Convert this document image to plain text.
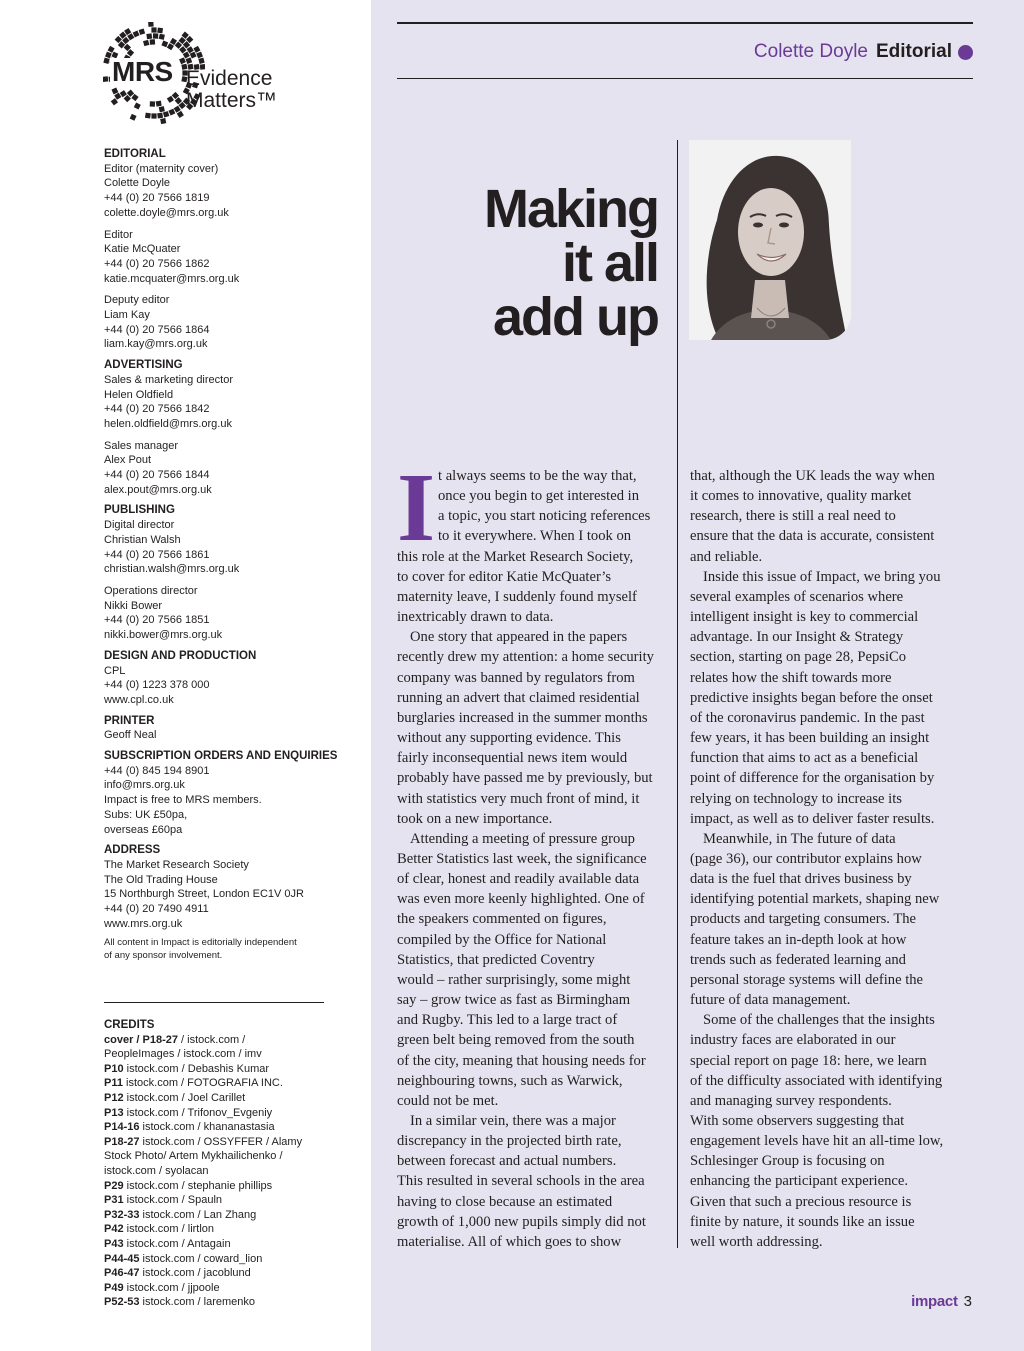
MRS Evidence
Matters™
EDITORIAL
Editor (maternity cover)
Colette Doyle
+44 (0) 20 7566 1819
colette.doyle@mrs.org.uk
Editor
Katie McQuater
+44 (0) 20 7566 1862
katie.mcquater@mrs.org.uk
Deputy editor
Liam Kay
+44 (0) 20 7566 1864
liam.kay@mrs.org.uk
ADVERTISING
Sales & marketing director
Helen Oldfield
+44 (0) 20 7566 1842
helen.oldfield@mrs.org.uk
Sales manager
Alex Pout
+44 (0) 20 7566 1844
alex.pout@mrs.org.uk
PUBLISHING
Digital director
Christian Walsh
+44 (0) 20 7566 1861
christian.walsh@mrs.org.uk
Operations director
Nikki Bower
+44 (0) 20 7566 1851
nikki.bower@mrs.org.uk
DESIGN AND PRODUCTION
CPL
+44 (0) 1223 378 000
www.cpl.co.uk
PRINTER
Geoff Neal
SUBSCRIPTION ORDERS AND ENQUIRIES
+44 (0) 845 194 8901
info@mrs.org.uk
Impact is free to MRS members.
Subs: UK £50pa,
overseas £60pa
ADDRESS
The Market Research Society
The Old Trading House
15 Northburgh Street, London EC1V 0JR
+44 (0) 20 7490 4911
www.mrs.org.uk
All content in Impact is editorially independent
of any sponsor involvement.
CREDITS
cover / P18-27 / istock.com /
PeopleImages / istock.com / imv
P10 istock.com / Debashis Kumar
P11 istock.com / FOTOGRAFIA INC.
P12 istock.com / Joel Carillet
P13 istock.com / Trifonov_Evgeniy
P14-16 istock.com / khananastasia
P18-27 istock.com / OSSYFFER / Alamy
Stock Photo/ Artem Mykhailichenko /
istock.com / syolacan
P29 istock.com / stephanie phillips
P31 istock.com / Spauln
P32-33 istock.com / Lan Zhang
P42 istock.com / lirtlon
P43 istock.com / Antagain
P44-45 istock.com / coward_lion
P46-47 istock.com / jacoblund
P49 istock.com / jjpoole
P52-53 istock.com / laremenko
Colette Doyle Editorial
Making
it all
add up
I t always seems to be the way that,
once you begin to get interested in
a topic, you start noticing references
to it everywhere. When I took on
this role at the Market Research Society,
to cover for editor Katie McQuater’s
maternity leave, I suddenly found myself
inextricably drawn to data.
One story that appeared in the papers
recently drew my attention: a home security
company was banned by regulators from
running an advert that claimed residential
burglaries increased in the summer months
without any supporting evidence. This
fairly inconsequential news item would
probably have passed me by previously, but
with statistics very much front of mind, it
took on a new importance.
Attending a meeting of pressure group
Better Statistics last week, the significance
of clear, honest and readily available data
was even more keenly highlighted. One of
the speakers commented on figures,
compiled by the Office for National
Statistics, that predicted Coventry
would – rather surprisingly, some might
say – grow twice as fast as Birmingham
and Rugby. This led to a large tract of
green belt being removed from the south
of the city, meaning that housing needs for
neighbouring towns, such as Warwick,
could not be met.
In a similar vein, there was a major
discrepancy in the projected birth rate,
between forecast and actual numbers.
This resulted in several schools in the area
having to close because an estimated
growth of 1,000 new pupils simply did not
materialise. All of which goes to show
that, although the UK leads the way when
it comes to innovative, quality market
research, there is still a real need to
ensure that the data is accurate, consistent
and reliable.
Inside this issue of Impact, we bring you
several examples of scenarios where
intelligent insight is key to commercial
advantage. In our Insight & Strategy
section, starting on page 28, PepsiCo
relates how the shift towards more
predictive insights began before the onset
of the coronavirus pandemic. In the past
few years, it has been building an insight
function that aims to act as a beneficial
point of difference for the organisation by
relying on technology to increase its
impact, as well as to deliver faster results.
Meanwhile, in The future of data
(page 36), our contributor explains how
data is the fuel that drives business by
identifying potential markets, shaping new
products and targeting consumers. The
feature takes an in-depth look at how
trends such as federated learning and
personal storage systems will define the
future of data management.
Some of the challenges that the insights
industry faces are elaborated in our
special report on page 18: here, we learn
of the difficulty associated with identifying
and managing survey respondents.
With some observers suggesting that
engagement levels have hit an all-time low,
Schlesinger Group is focusing on
enhancing the participant experience.
Given that such a precious resource is
finite by nature, it sounds like an issue
well worth addressing.
impact 3
